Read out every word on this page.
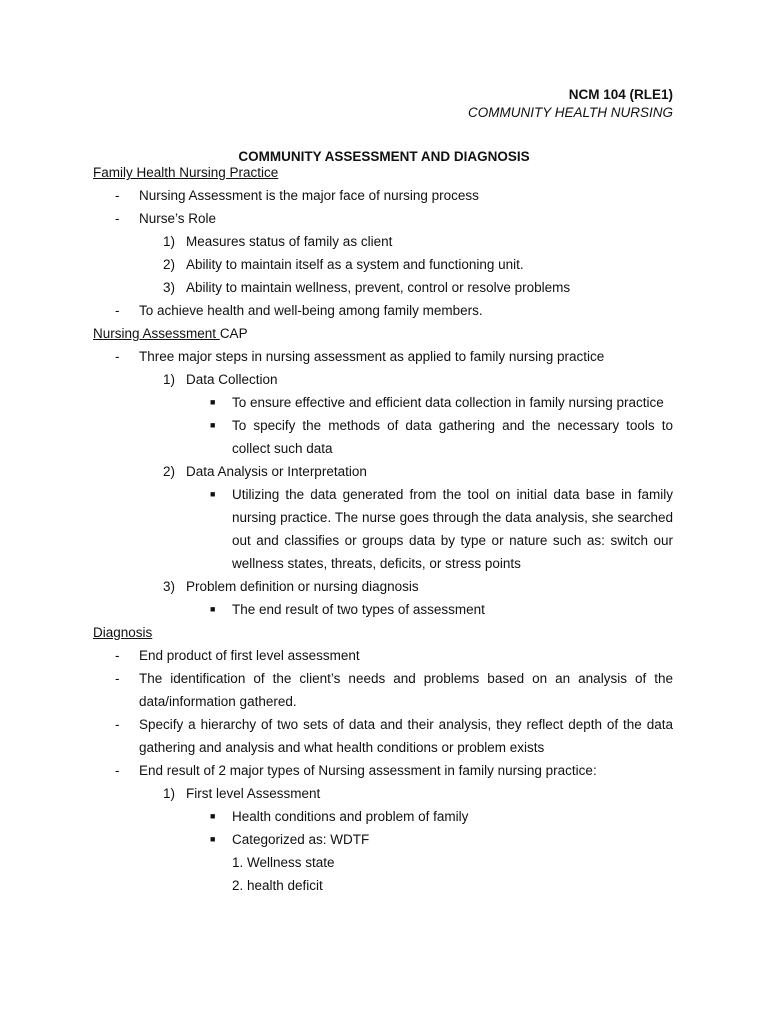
NCM 104 (RLE1)
COMMUNITY HEALTH NURSING
COMMUNITY ASSESSMENT AND DIAGNOSIS
Family Health Nursing Practice
- Nursing Assessment is the major face of nursing process
- Nurse’s Role
1) Measures status of family as client
2) Ability to maintain itself as a system and functioning unit.
3) Ability to maintain wellness, prevent, control or resolve problems
- To achieve health and well-being among family members.
Nursing Assessment CAP
- Three major steps in nursing assessment as applied to family nursing practice
1) Data Collection
■ To ensure effective and efficient data collection in family nursing practice
■ To specify the methods of data gathering and the necessary tools to collect such data
2) Data Analysis or Interpretation
■ Utilizing the data generated from the tool on initial data base in family nursing practice. The nurse goes through the data analysis, she searched out and classifies or groups data by type or nature such as: switch our wellness states, threats, deficits, or stress points
3) Problem definition or nursing diagnosis
■ The end result of two types of assessment
Diagnosis
- End product of first level assessment
- The identification of the client’s needs and problems based on an analysis of the data/information gathered.
- Specify a hierarchy of two sets of data and their analysis, they reflect depth of the data gathering and analysis and what health conditions or problem exists
- End result of 2 major types of Nursing assessment in family nursing practice:
1) First level Assessment
■ Health conditions and problem of family
■ Categorized as: WDTF
1. Wellness state
2. health deficit
